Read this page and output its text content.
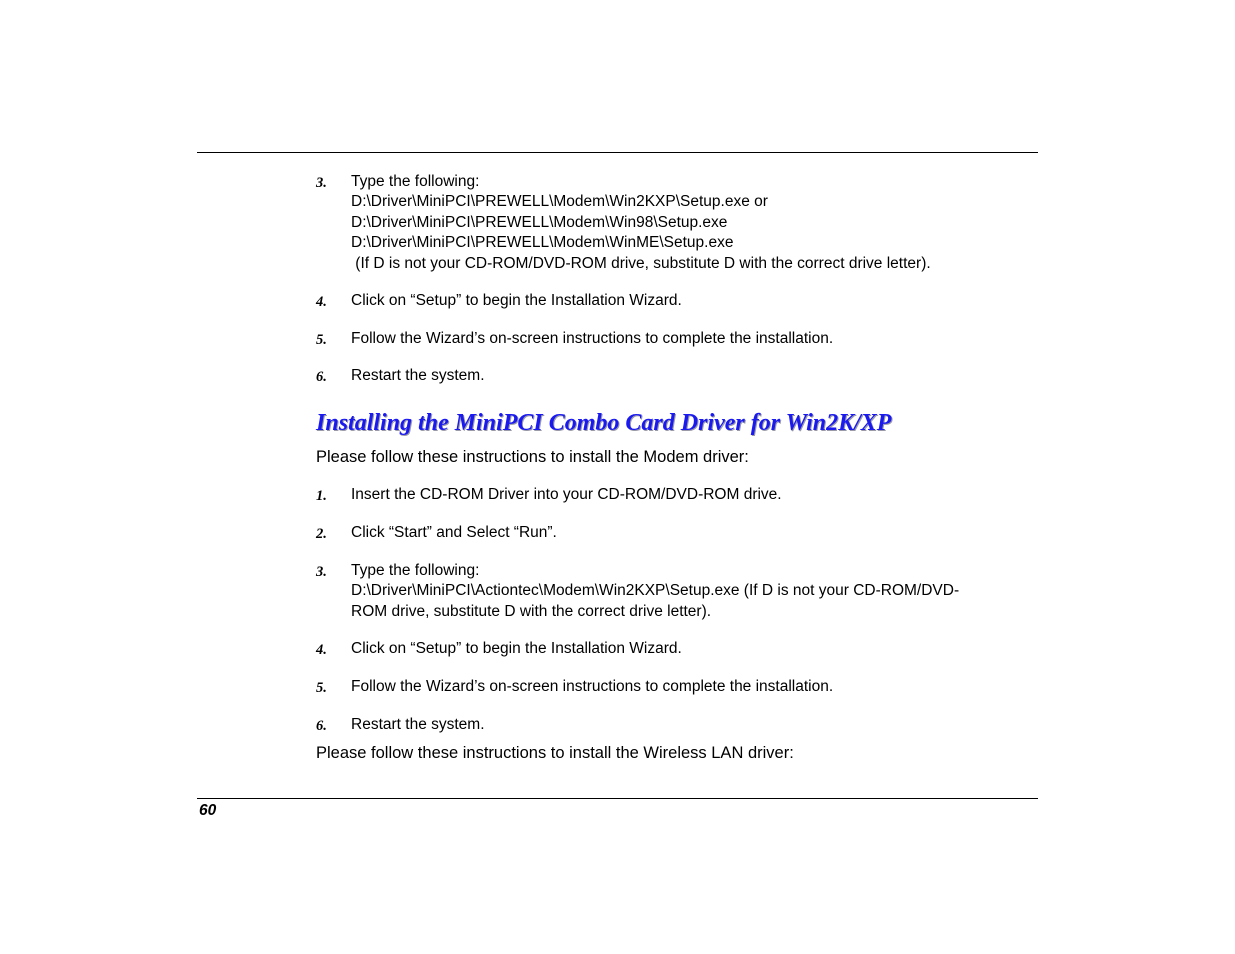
3.	Type the following:
D:\Driver\MiniPCI\PREWELL\Modem\Win2KXP\Setup.exe or
D:\Driver\MiniPCI\PREWELL\Modem\Win98\Setup.exe
D:\Driver\MiniPCI\PREWELL\Modem\WinME\Setup.exe
(If D is not your CD-ROM/DVD-ROM drive, substitute D with the correct drive letter).
4.	Click on “Setup” to begin the Installation Wizard.
5.	Follow the Wizard’s on-screen instructions to complete the installation.
6.	Restart the system.
Installing the MiniPCI Combo Card Driver for Win2K/XP
Please follow these instructions to install the Modem driver:
1.	Insert the CD-ROM Driver into your CD-ROM/DVD-ROM drive.
2.	Click “Start” and Select “Run”.
3.	Type the following:
D:\Driver\MiniPCI\Actiontec\Modem\Win2KXP\Setup.exe (If D is not your CD-ROM/DVD-
ROM drive, substitute D with the correct drive letter).
4.	Click on “Setup” to begin the Installation Wizard.
5.	Follow the Wizard’s on-screen instructions to complete the installation.
6.	Restart the system.
Please follow these instructions to install the Wireless LAN driver:
60
